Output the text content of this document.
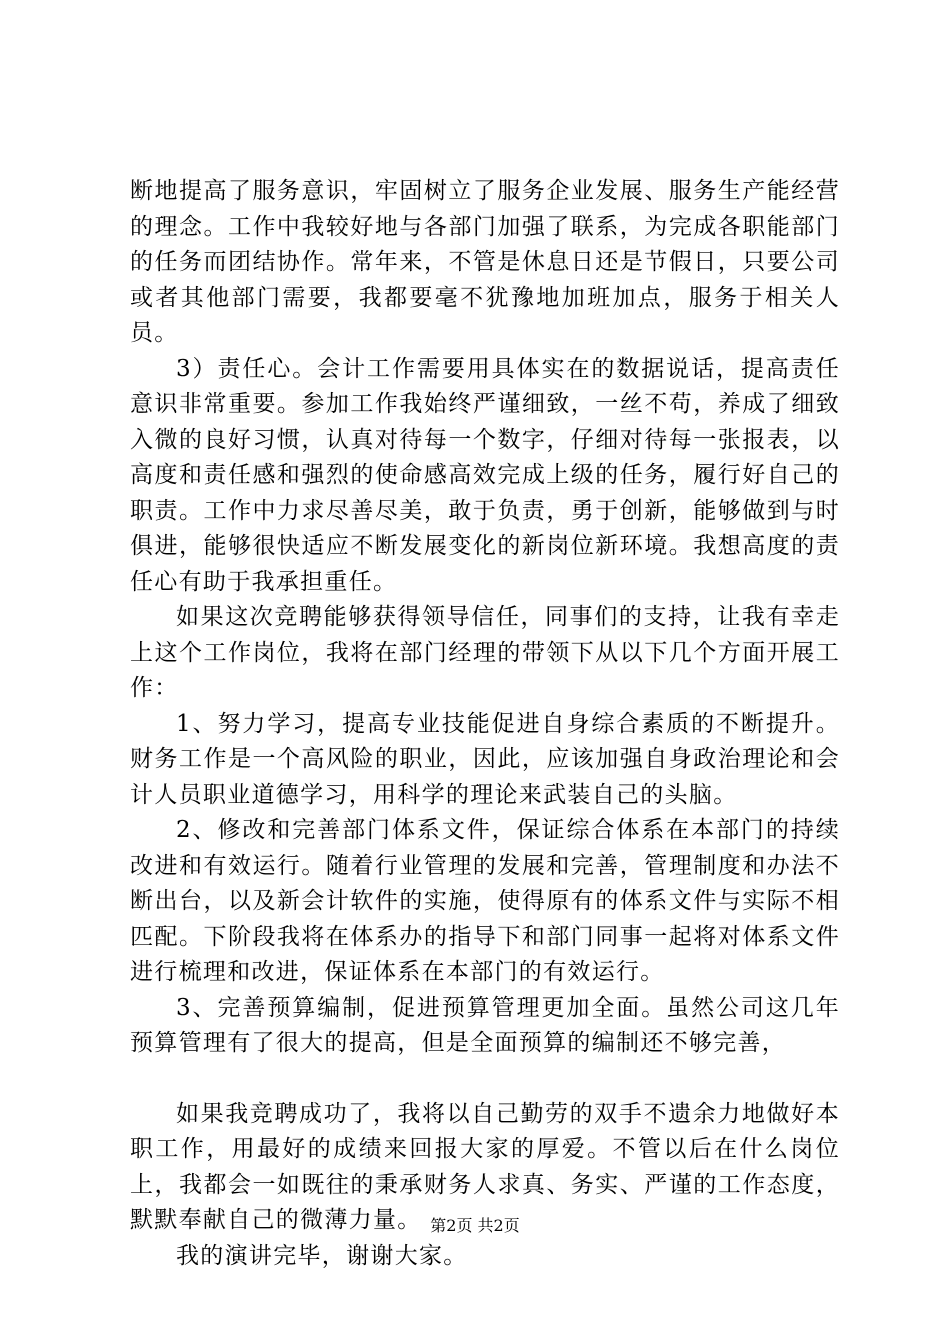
断地提高了服务意识，牢固树立了服务企业发展、服务生产能经营的理念。工作中我较好地与各部门加强了联系，为完成各职能部门的任务而团结协作。常年来，不管是休息日还是节假日，只要公司或者其他部门需要，我都要毫不犹豫地加班加点，服务于相关人员。

3）责任心。会计工作需要用具体实在的数据说话，提高责任意识非常重要。参加工作我始终严谨细致，一丝不苟，养成了细致入微的良好习惯，认真对待每一个数字，仔细对待每一张报表，以高度和责任感和强烈的使命感高效完成上级的任务，履行好自己的职责。工作中力求尽善尽美，敢于负责，勇于创新，能够做到与时俱进，能够很快适应不断发展变化的新岗位新环境。我想高度的责任心有助于我承担重任。

如果这次竞聘能够获得领导信任，同事们的支持，让我有幸走上这个工作岗位，我将在部门经理的带领下从以下几个方面开展工作：

1、努力学习，提高专业技能促进自身综合素质的不断提升。财务工作是一个高风险的职业，因此，应该加强自身政治理论和会计人员职业道德学习，用科学的理论来武装自己的头脑。

2、修改和完善部门体系文件，保证综合体系在本部门的持续改进和有效运行。随着行业管理的发展和完善，管理制度和办法不断出台，以及新会计软件的实施，使得原有的体系文件与实际不相匹配。下阶段我将在体系办的指导下和部门同事一起将对体系文件进行梳理和改进，保证体系在本部门的有效运行。

3、完善预算编制，促进预算管理更加全面。虽然公司这几年预算管理有了很大的提高，但是全面预算的编制还不够完善，

如果我竞聘成功了，我将以自己勤劳的双手不遗余力地做好本职工作，用最好的成绩来回报大家的厚爱。不管以后在什么岗位上，我都会一如既往的秉承财务人求真、务实、严谨的工作态度，默默奉献自己的微薄力量。

我的演讲完毕，谢谢大家。

第2页 共2页
